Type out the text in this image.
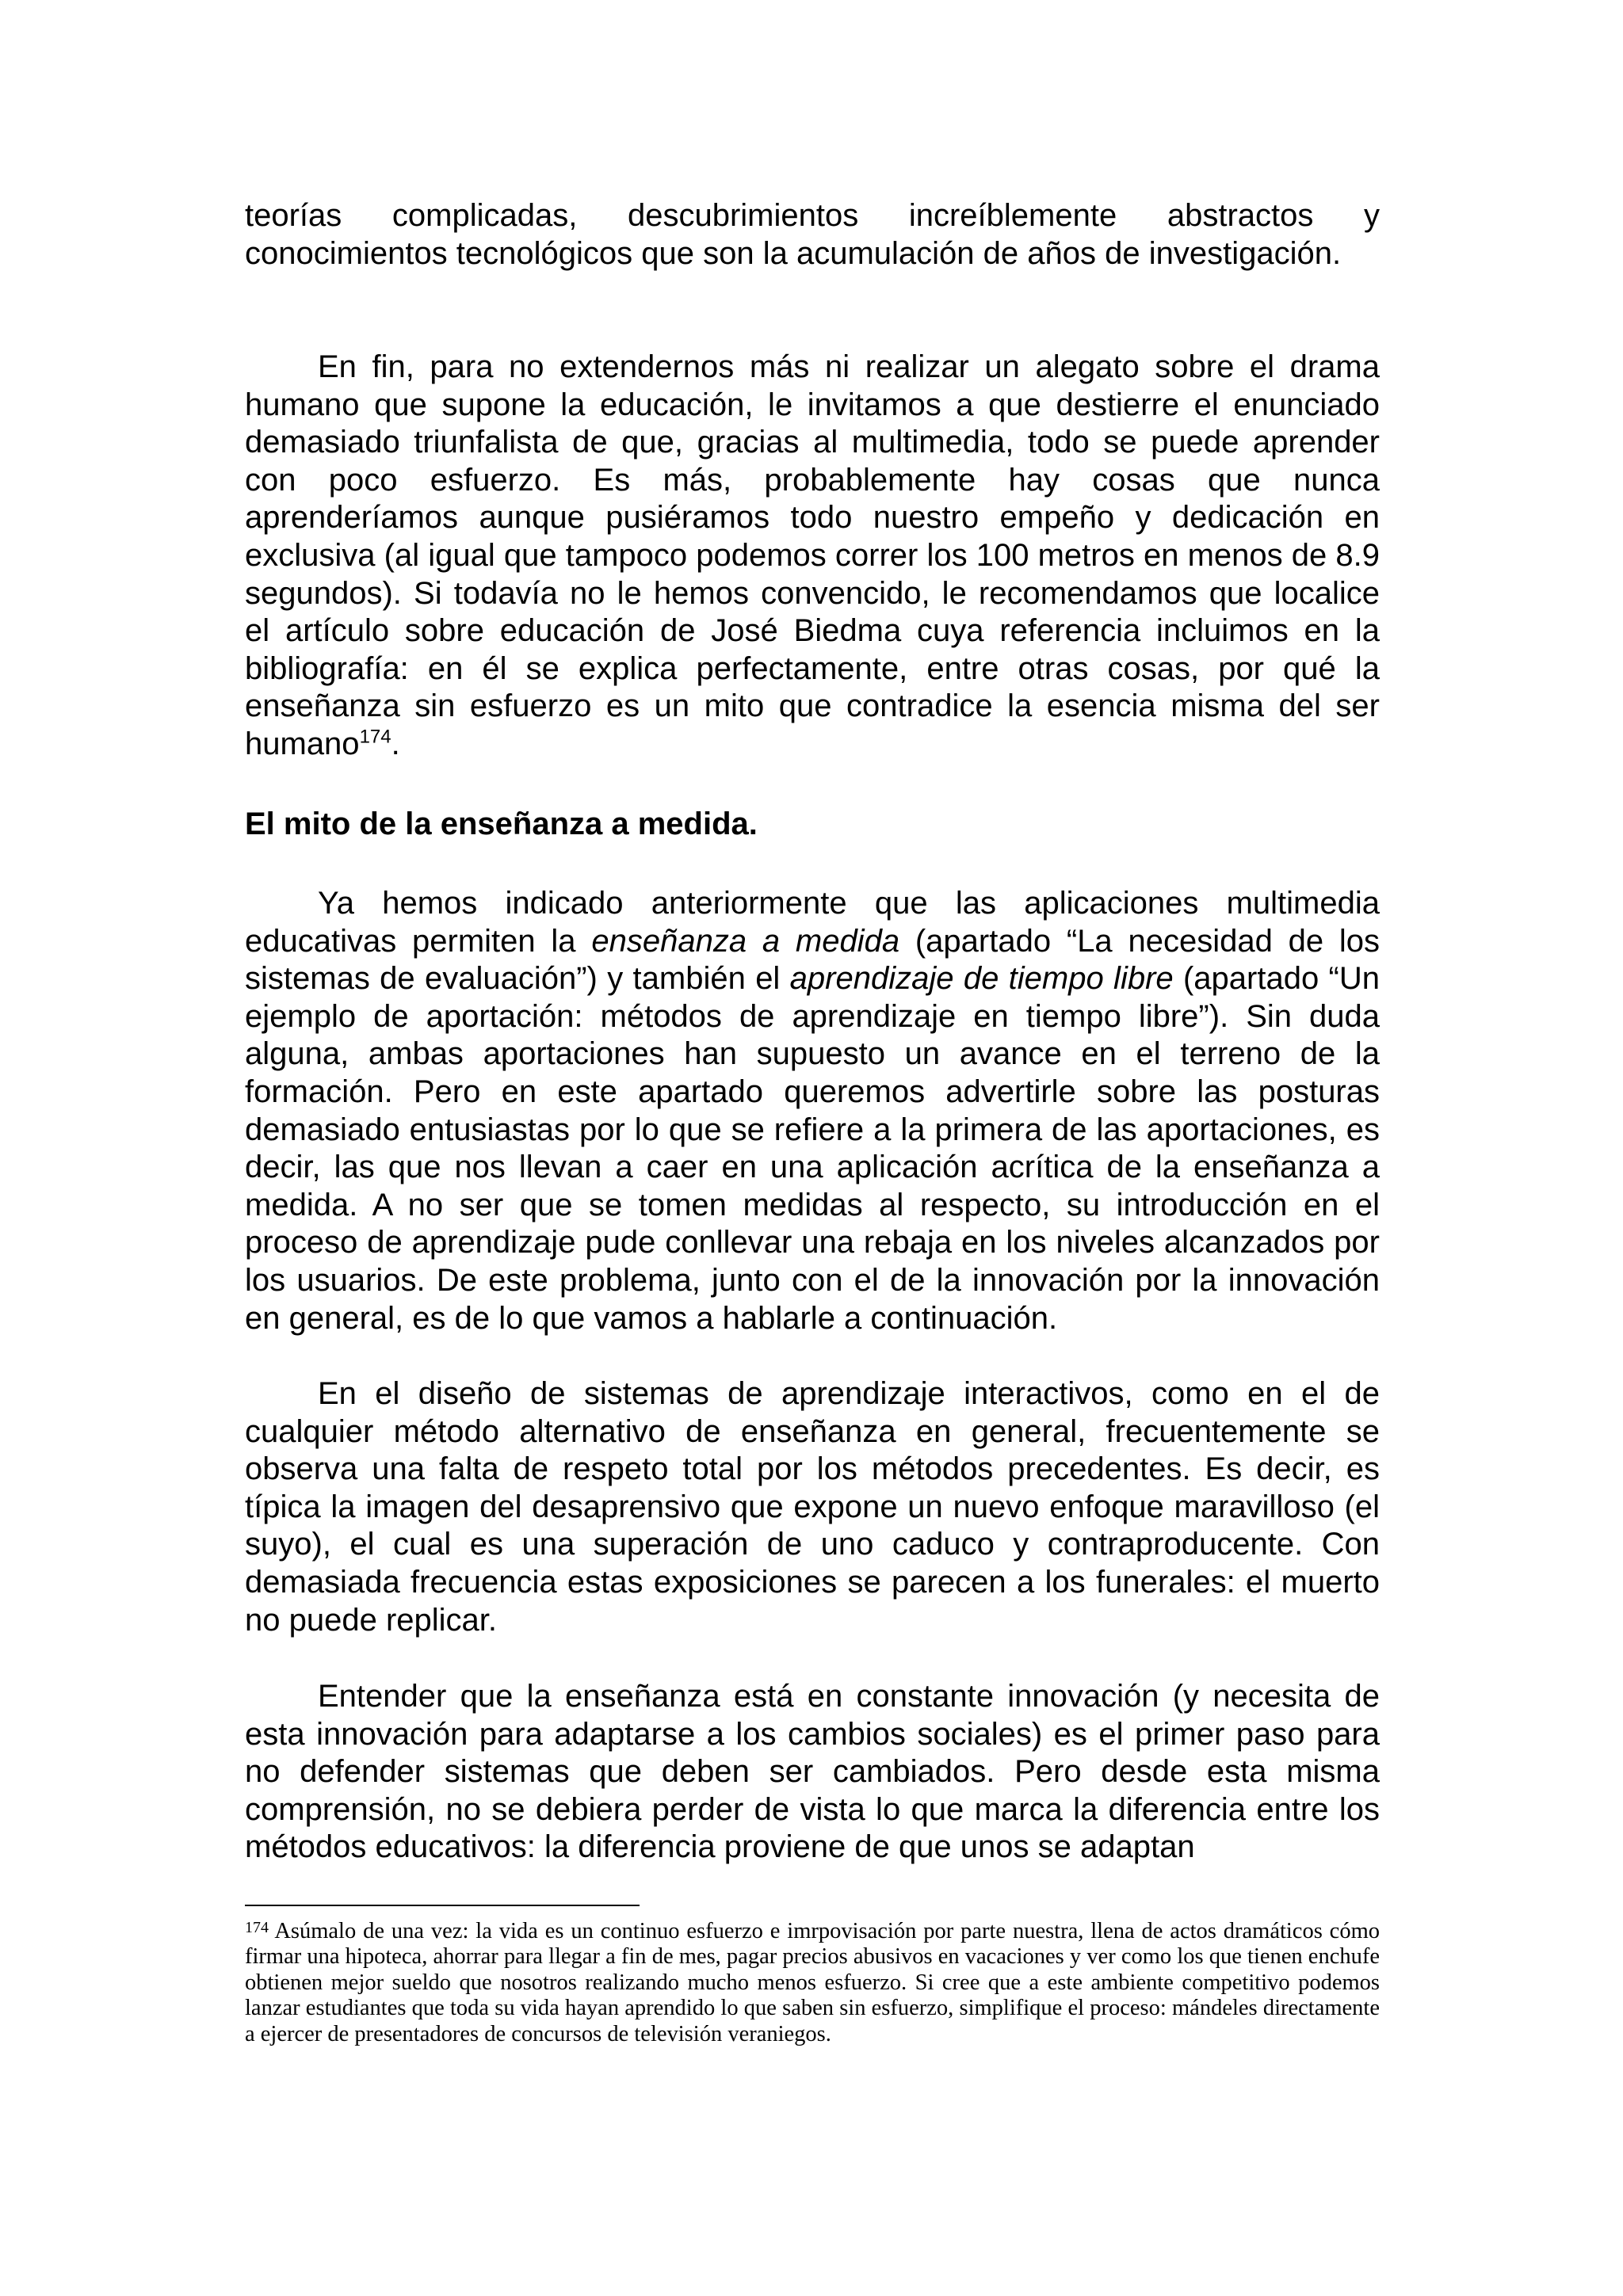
teorías complicadas, descubrimientos increíblemente abstractos y conocimientos tecnológicos que son la acumulación de años de investigación.

En fin, para no extendernos más ni realizar un alegato sobre el drama humano que supone la educación, le invitamos a que destierre el enunciado demasiado triunfalista de que, gracias al multimedia, todo se puede aprender con poco esfuerzo. Es más, probablemente hay cosas que nunca aprenderíamos aunque pusiéramos todo nuestro empeño y dedicación en exclusiva (al igual que tampoco podemos correr los 100 metros en menos de 8.9 segundos). Si todavía no le hemos convencido, le recomendamos que localice el artículo sobre educación de José Biedma cuya referencia incluimos en la bibliografía: en él se explica perfectamente, entre otras cosas, por qué la enseñanza sin esfuerzo es un mito que contradice la esencia misma del ser humano$^{174}$.

El mito de la enseñanza a medida.

Ya hemos indicado anteriormente que las aplicaciones multimedia educativas permiten la enseñanza a medida (apartado “La necesidad de los sistemas de evaluación”) y también el aprendizaje de tiempo libre (apartado “Un ejemplo de aportación: métodos de aprendizaje en tiempo libre”). Sin duda alguna, ambas aportaciones han supuesto un avance en el terreno de la formación. Pero en este apartado queremos advertirle sobre las posturas demasiado entusiastas por lo que se refiere a la primera de las aportaciones, es decir, las que nos llevan a caer en una aplicación acrítica de la enseñanza a medida. A no ser que se tomen medidas al respecto, su introducción en el proceso de aprendizaje pude conllevar una rebaja en los niveles alcanzados por los usuarios. De este problema, junto con el de la innovación por la innovación en general, es de lo que vamos a hablarle a continuación.

En el diseño de sistemas de aprendizaje interactivos, como en el de cualquier método alternativo de enseñanza en general, frecuentemente se observa una falta de respeto total por los métodos precedentes. Es decir, es típica la imagen del desaprensivo que expone un nuevo enfoque maravilloso (el suyo), el cual es una superación de uno caduco y contraproducente. Con demasiada frecuencia estas exposiciones se parecen a los funerales: el muerto no puede replicar.

Entender que la enseñanza está en constante innovación (y necesita de esta innovación para adaptarse a los cambios sociales) es el primer paso para no defender sistemas que deben ser cambiados. Pero desde esta misma comprensión, no se debiera perder de vista lo que marca la diferencia entre los métodos educativos: la diferencia proviene de que unos se adaptan

$^{174}$ Asúmalo de una vez: la vida es un continuo esfuerzo e imrpovisación por parte nuestra, llena de actos dramáticos cómo firmar una hipoteca, ahorrar para llegar a fin de mes, pagar precios abusivos en vacaciones y ver como los que tienen enchufe obtienen mejor sueldo que nosotros realizando mucho menos esfuerzo. Si cree que a este ambiente competitivo podemos lanzar estudiantes que toda su vida hayan aprendido lo que saben sin esfuerzo, simplifique el proceso: mándeles directamente a ejercer de presentadores de concursos de televisión veraniegos.
